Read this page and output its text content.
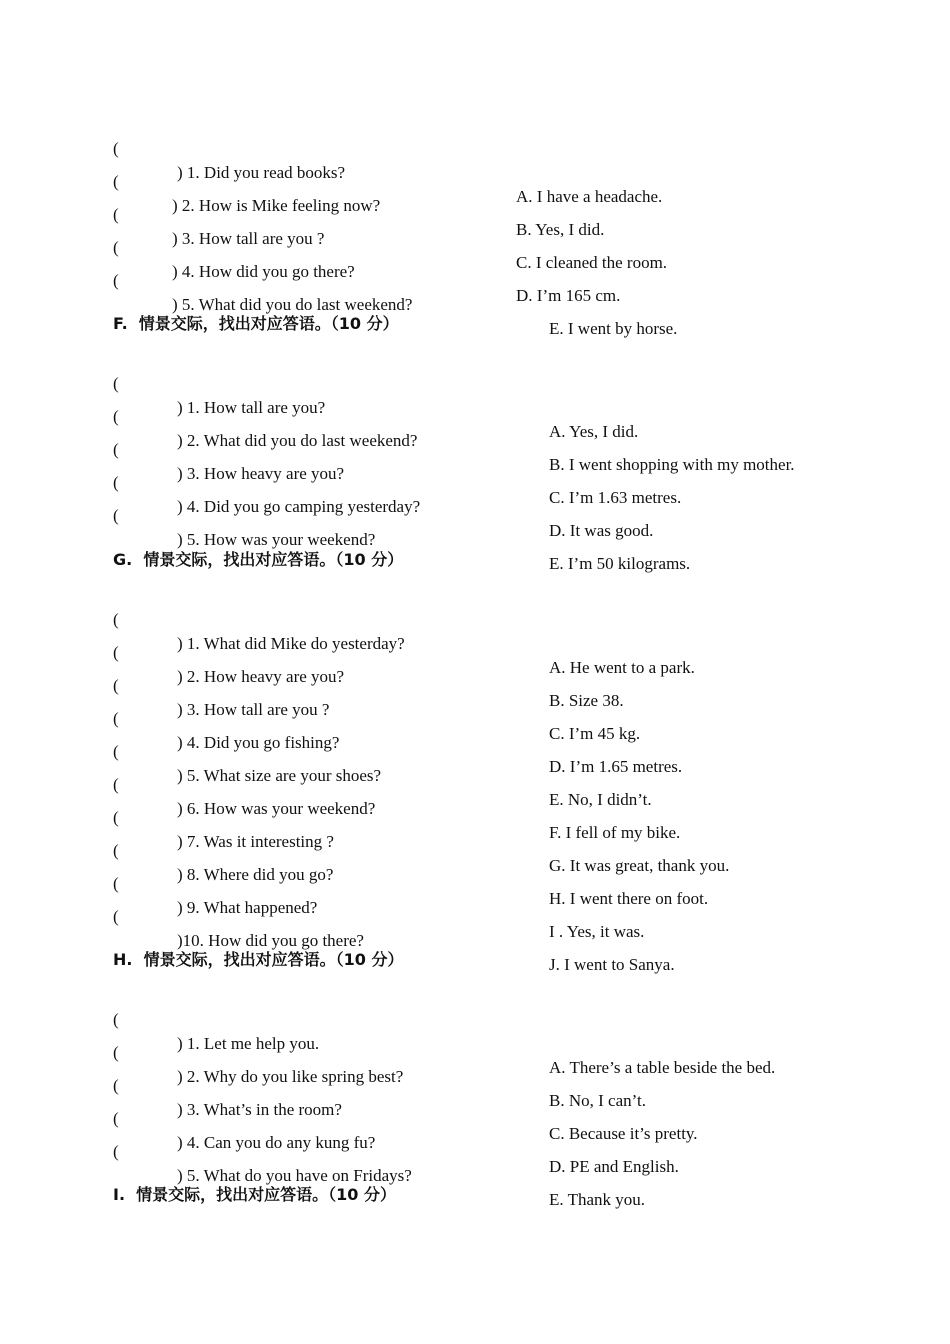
(

) 1. Did you read books?

A. I have a headache.

(

) 2. How is Mike feeling now?

B. Yes, I did.

(

) 3. How tall are you ?

C. I cleaned the room.

(

) 4. How did you go there?

D. I’m 165 cm.

(

) 5. What did you do last weekend?

E. I went by horse.

F.  情景交际，找出对应答语。（10 分）

(

) 1. How tall are you?

A. Yes, I did.

(

) 2. What did you do last weekend?

B. I went shopping with my mother.

(

) 3. How heavy are you?

C. I’m 1.63 metres.

(

) 4. Did you go camping yesterday?

D. It was good.

(

) 5. How was your weekend?

E. I’m 50 kilograms.

G.  情景交际，找出对应答语。（10 分）

(

) 1. What did Mike do yesterday?

A. He went to a park.

(

) 2. How heavy are you?

B. Size 38.

(

) 3. How tall are you ?

C. I’m 45 kg.

(

) 4. Did you go fishing?

D. I’m 1.65 metres.

(

) 5. What size are your shoes?

E. No, I didn’t.

(

) 6. How was your weekend?

F. I fell of my bike.

(

) 7. Was it interesting ?

G. It was great, thank you.

(

) 8. Where did you go?

H. I went there on foot.

(

) 9. What happened?

I . Yes, it was.

(

)10. How did you go there?

J. I went to Sanya.

H.  情景交际，找出对应答语。（10 分）

(

) 1. Let me help you.

A. There’s a table beside the bed.

(

) 2. Why do you like spring best?

B. No, I can’t.

(

) 3. What’s in the room?

C. Because it’s pretty.

(

) 4. Can you do any kung fu?

D. PE and English.

(

) 5. What do you have on Fridays?

E. Thank you.

I.  情景交际，找出对应答语。（10 分）
